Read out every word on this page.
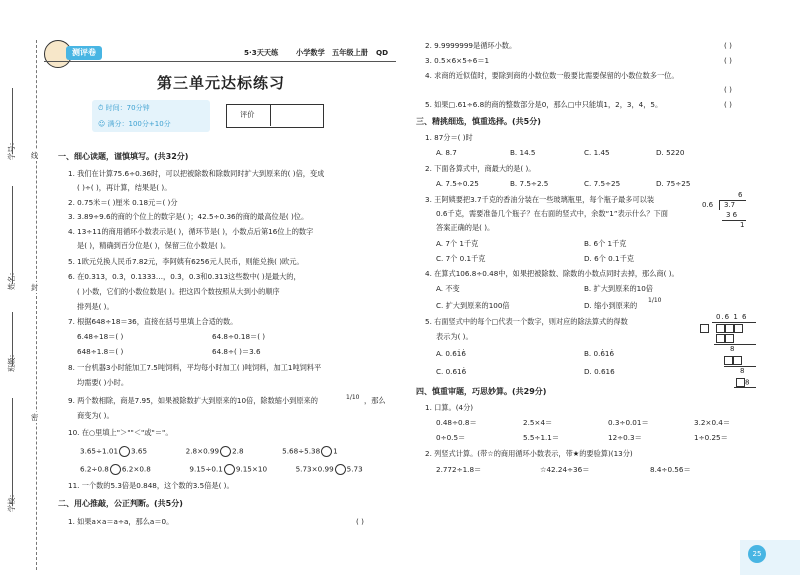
线
封
密
学号：
姓名：
班级：
学校：
测评卷	5·3天天练 小学数学 五年级上册 QD
第三单元达标练习
⏱ 时间：70分钟
☺ 满分：100分+10分
评价
一、细心读题，谨慎填写。(共32分)
1. 我们在计算75.6÷0.36时，可以把被除数和除数同时扩大到原来的( )倍，变成
( )÷( )，再计算，结果是( )。
2. 0.75米＝( )厘米 0.18元＝( )分
3. 3.89÷9.6的商的个位上的数字是( )；42.5÷0.36的商的最高位是( )位。
4. 13÷11的商用循环小数表示是( )，循环节是( )，小数点后第16位上的数字
是( )，精确到百分位是( )，保留三位小数是( )。
5. 1欧元兑换人民币7.82元，李阿姨有6256元人民币，则能兑换( )欧元。
6. 在0.313，0.3̇，0.1333…，0.3̇，0.3和0.313这些数中( )是最大的，
( )小数，它们的小数位数是( )。把这四个数按照从大到小的顺序
排列是( )。
7. 根据648÷18＝36，直接在括号里填上合适的数。
6.48÷18＝( )	64.8÷0.18＝( )
648÷1.8＝( )	64.8÷( )＝3.6
8. 一台机器3小时能加工7.5吨饲料，平均每小时加工( )吨饲料，加工1吨饲料平
均需要( )小时。
9. 两个数相除，商是7.95，如果被除数扩大到原来的10倍，除数缩小到原来的	1/10 ，那么
商变为( )。
10. 在○里填上"＞""＜"或"＝"。
3.65÷1.01 3.65	2.8×0.99 2.8	5.68÷5.38 1
6.2÷0.8 6.2×0.8	9.15÷0.1 9.15×10	5.73×0.99 5.73
11. 一个数的5.3倍是0.848，这个数的3.5倍是( )。
二、用心推敲，公正判断。(共5分)
1. 如果a×a＝a÷a，那么a＝0。	( )
2. 9.9999999是循环小数。	( )
3. 0.5×6×5÷6＝1	( )
4. 求商的近似值时，要除到商的小数位数一般要比需要保留的小数位数多一位。
( )
5. 如果□.61÷6.8的商的整数部分是0，那么□中只能填1，2，3，4，5。	( )
三、精挑细选，慎重选择。(共5分)
1. 87分＝( )时
A. 8.7	B. 14.5	C. 1.45	D. 5220
2. 下面各算式中，商最大的是( )。
A. 7.5÷0.25	B. 7.5÷2.5	C. 7.5÷25	D. 75÷25
3. 王阿姨要把3.7千克的香油分装在一些玻璃瓶里，每个瓶子最多可以装
0.6千克，需要准备几个瓶子？在右面的竖式中，余数“1”表示什么？下面
答案正确的是( )。
6
0.6 3.7
3 6
1
A. 7个 1千克	B. 6个 1千克
C. 7个 0.1千克	D. 6个 0.1千克
4. 在算式106.8÷0.48中，如果把被除数、除数的小数点同时去掉，那么商( )。
A. 不变	B. 扩大到原来的10倍
C. 扩大到原来的100倍	D. 缩小到原来的
1/10
5. 右面竖式中的每个□代表一个数字，则对应的除法算式的得数
表示为( )。
A. 0.61̇6̇	B. 0.6̇16̇
C. 0.616̇	D. 0.616
0.6 1 6
8
8
8
四、慎重审题，巧思妙算。(共29分)
1. 口算。(4分)
0.48÷0.8＝	2.5×4＝	0.3÷0.01＝	3.2×0.4＝
0÷0.5＝	5.5÷1.1＝	12÷0.3＝	1÷0.25＝
2. 列竖式计算。(带☆的商用循环小数表示，带★的要验算)(13分)
2.772÷1.8＝	☆42.24÷36＝	8.4÷0.56＝
25
